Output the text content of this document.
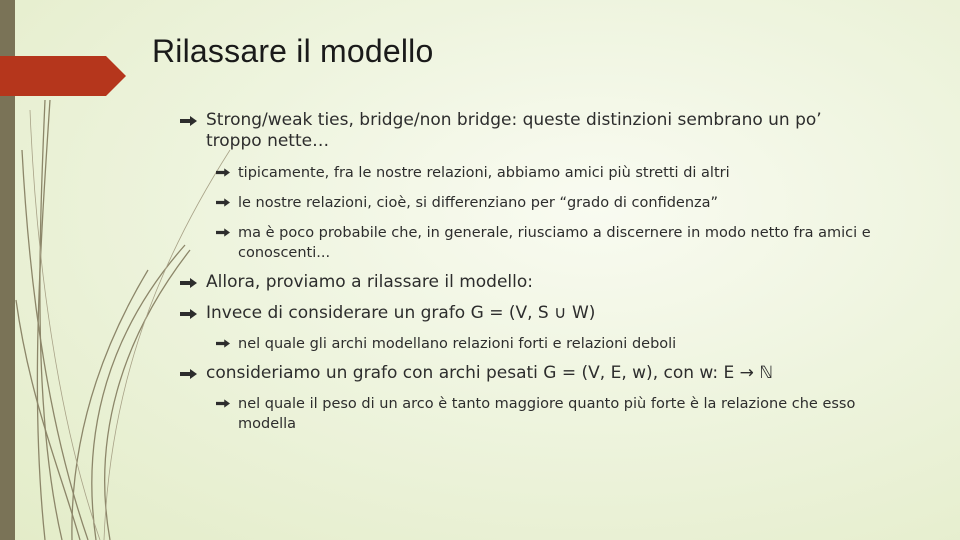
Rilassare il modello
Strong/weak ties, bridge/non bridge: queste distinzioni sembrano un po’ troppo nette…
tipicamente, fra le nostre relazioni, abbiamo amici più stretti di altri
le nostre relazioni, cioè, si differenziano per “grado di confidenza”
ma è poco probabile che, in generale, riusciamo a discernere in modo netto fra amici e conoscenti...
Allora, proviamo a rilassare il modello:
Invece di considerare un grafo G = (V, S ∪ W)
nel quale gli archi modellano relazioni forti e relazioni deboli
consideriamo un grafo con archi pesati G = (V, E, w), con w: E → ℕ
nel quale il peso di un arco è tanto maggiore quanto più forte è la relazione che esso modella
